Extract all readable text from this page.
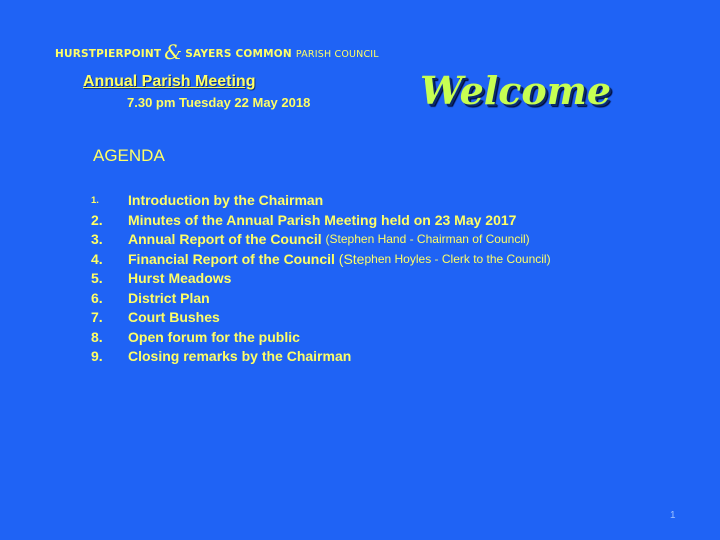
HURSTPIERPOINT & SAYERS COMMON PARISH COUNCIL
Annual Parish Meeting
7.30 pm Tuesday 22 May 2018	Welcome
AGENDA
1.	Introduction by the Chairman
2.	Minutes of the Annual Parish Meeting held on 23 May 2017
3.	Annual Report of the Council (Stephen Hand - Chairman of Council)
4.	Financial Report of the Council (Ste phen Hoyles - Clerk to the Council)
5.	Hurst Meadows
6.	District Plan
7.	Court Bushes
8.	Open forum for the public
9.	Closing remarks by the Chairman
1
